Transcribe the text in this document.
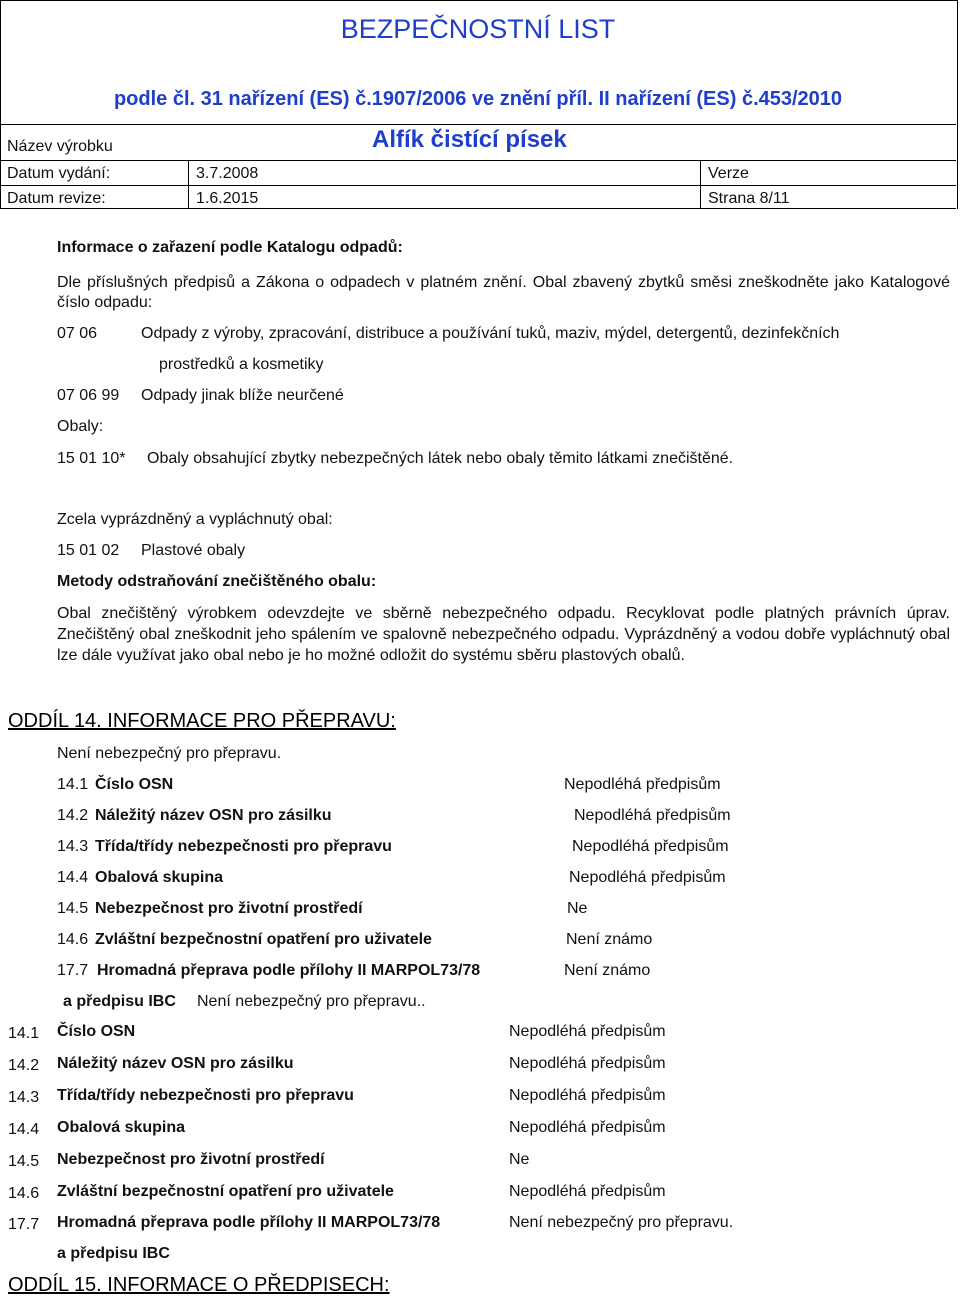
BEZPEČNOSTNÍ LIST
podle čl. 31 nařízení (ES) č.1907/2006 ve znění příl. II nařízení (ES) č.453/2010
Název výrobku	Alfík čistící písek
Datum vydání:	3.7.2008	Verze
Datum revize:	1.6.2015	Strana 8/11
Informace o zařazení podle Katalogu odpadů:
Dle příslušných předpisů a Zákona o odpadech v platném znění. Obal zbavený zbytků směsi zneškodněte jako Katalogové číslo odpadu:
07 06	Odpady z výroby, zpracování, distribuce a používání tuků, maziv, mýdel, detergentů, dezinfekčních
prostředků a kosmetiky
07 06 99 Odpady jinak blíže neurčené
Obaly:
15 01 10* Obaly obsahující zbytky nebezpečných látek nebo obaly těmito látkami znečištěné.
Zcela vyprázdněný a vypláchnutý obal:
15 01 02 Plastové obaly
Metody odstraňování znečištěného obalu:
Obal znečištěný výrobkem odevzdejte ve sběrně nebezpečného odpadu. Recyklovat podle platných právních úprav. Znečištěný obal zneškodnit jeho spálením ve spalovně nebezpečného odpadu. Vyprázdněný a vodou dobře vypláchnutý obal lze dále využívat jako obal nebo je ho možné odložit do systému sběru plastových obalů.
ODDÍL 14. INFORMACE PRO PŘEPRAVU:
Není nebezpečný pro přepravu.
14.1 Číslo OSN	Nepodléhá předpisům
14.2 Náležitý název OSN pro zásilku	Nepodléhá předpisům
14.3 Třída/třídy nebezpečnosti pro přepravu	Nepodléhá předpisům
14.4 Obalová skupina	Nepodléhá předpisům
14.5 Nebezpečnost pro životní prostředí	Ne
14.6 Zvláštní bezpečnostní opatření pro uživatele	Není známo
17.7 Hromadná přeprava podle přílohy II MARPOL73/78	Není známo
a předpisu IBC Není nebezpečný pro přepravu..
14.1 Číslo OSN	Nepodléhá předpisům
14.2 Náležitý název OSN pro zásilku	Nepodléhá předpisům
14.3 Třída/třídy nebezpečnosti pro přepravu	Nepodléhá předpisům
14.4 Obalová skupina	Nepodléhá předpisům
14.5 Nebezpečnost pro životní prostředí	Ne
14.6 Zvláštní bezpečnostní opatření pro uživatele	Nepodléhá předpisům
17.7 Hromadná přeprava podle přílohy II MARPOL73/78	Není nebezpečný pro přepravu.
a předpisu IBC
ODDÍL 15. INFORMACE O PŘEDPISECH:
